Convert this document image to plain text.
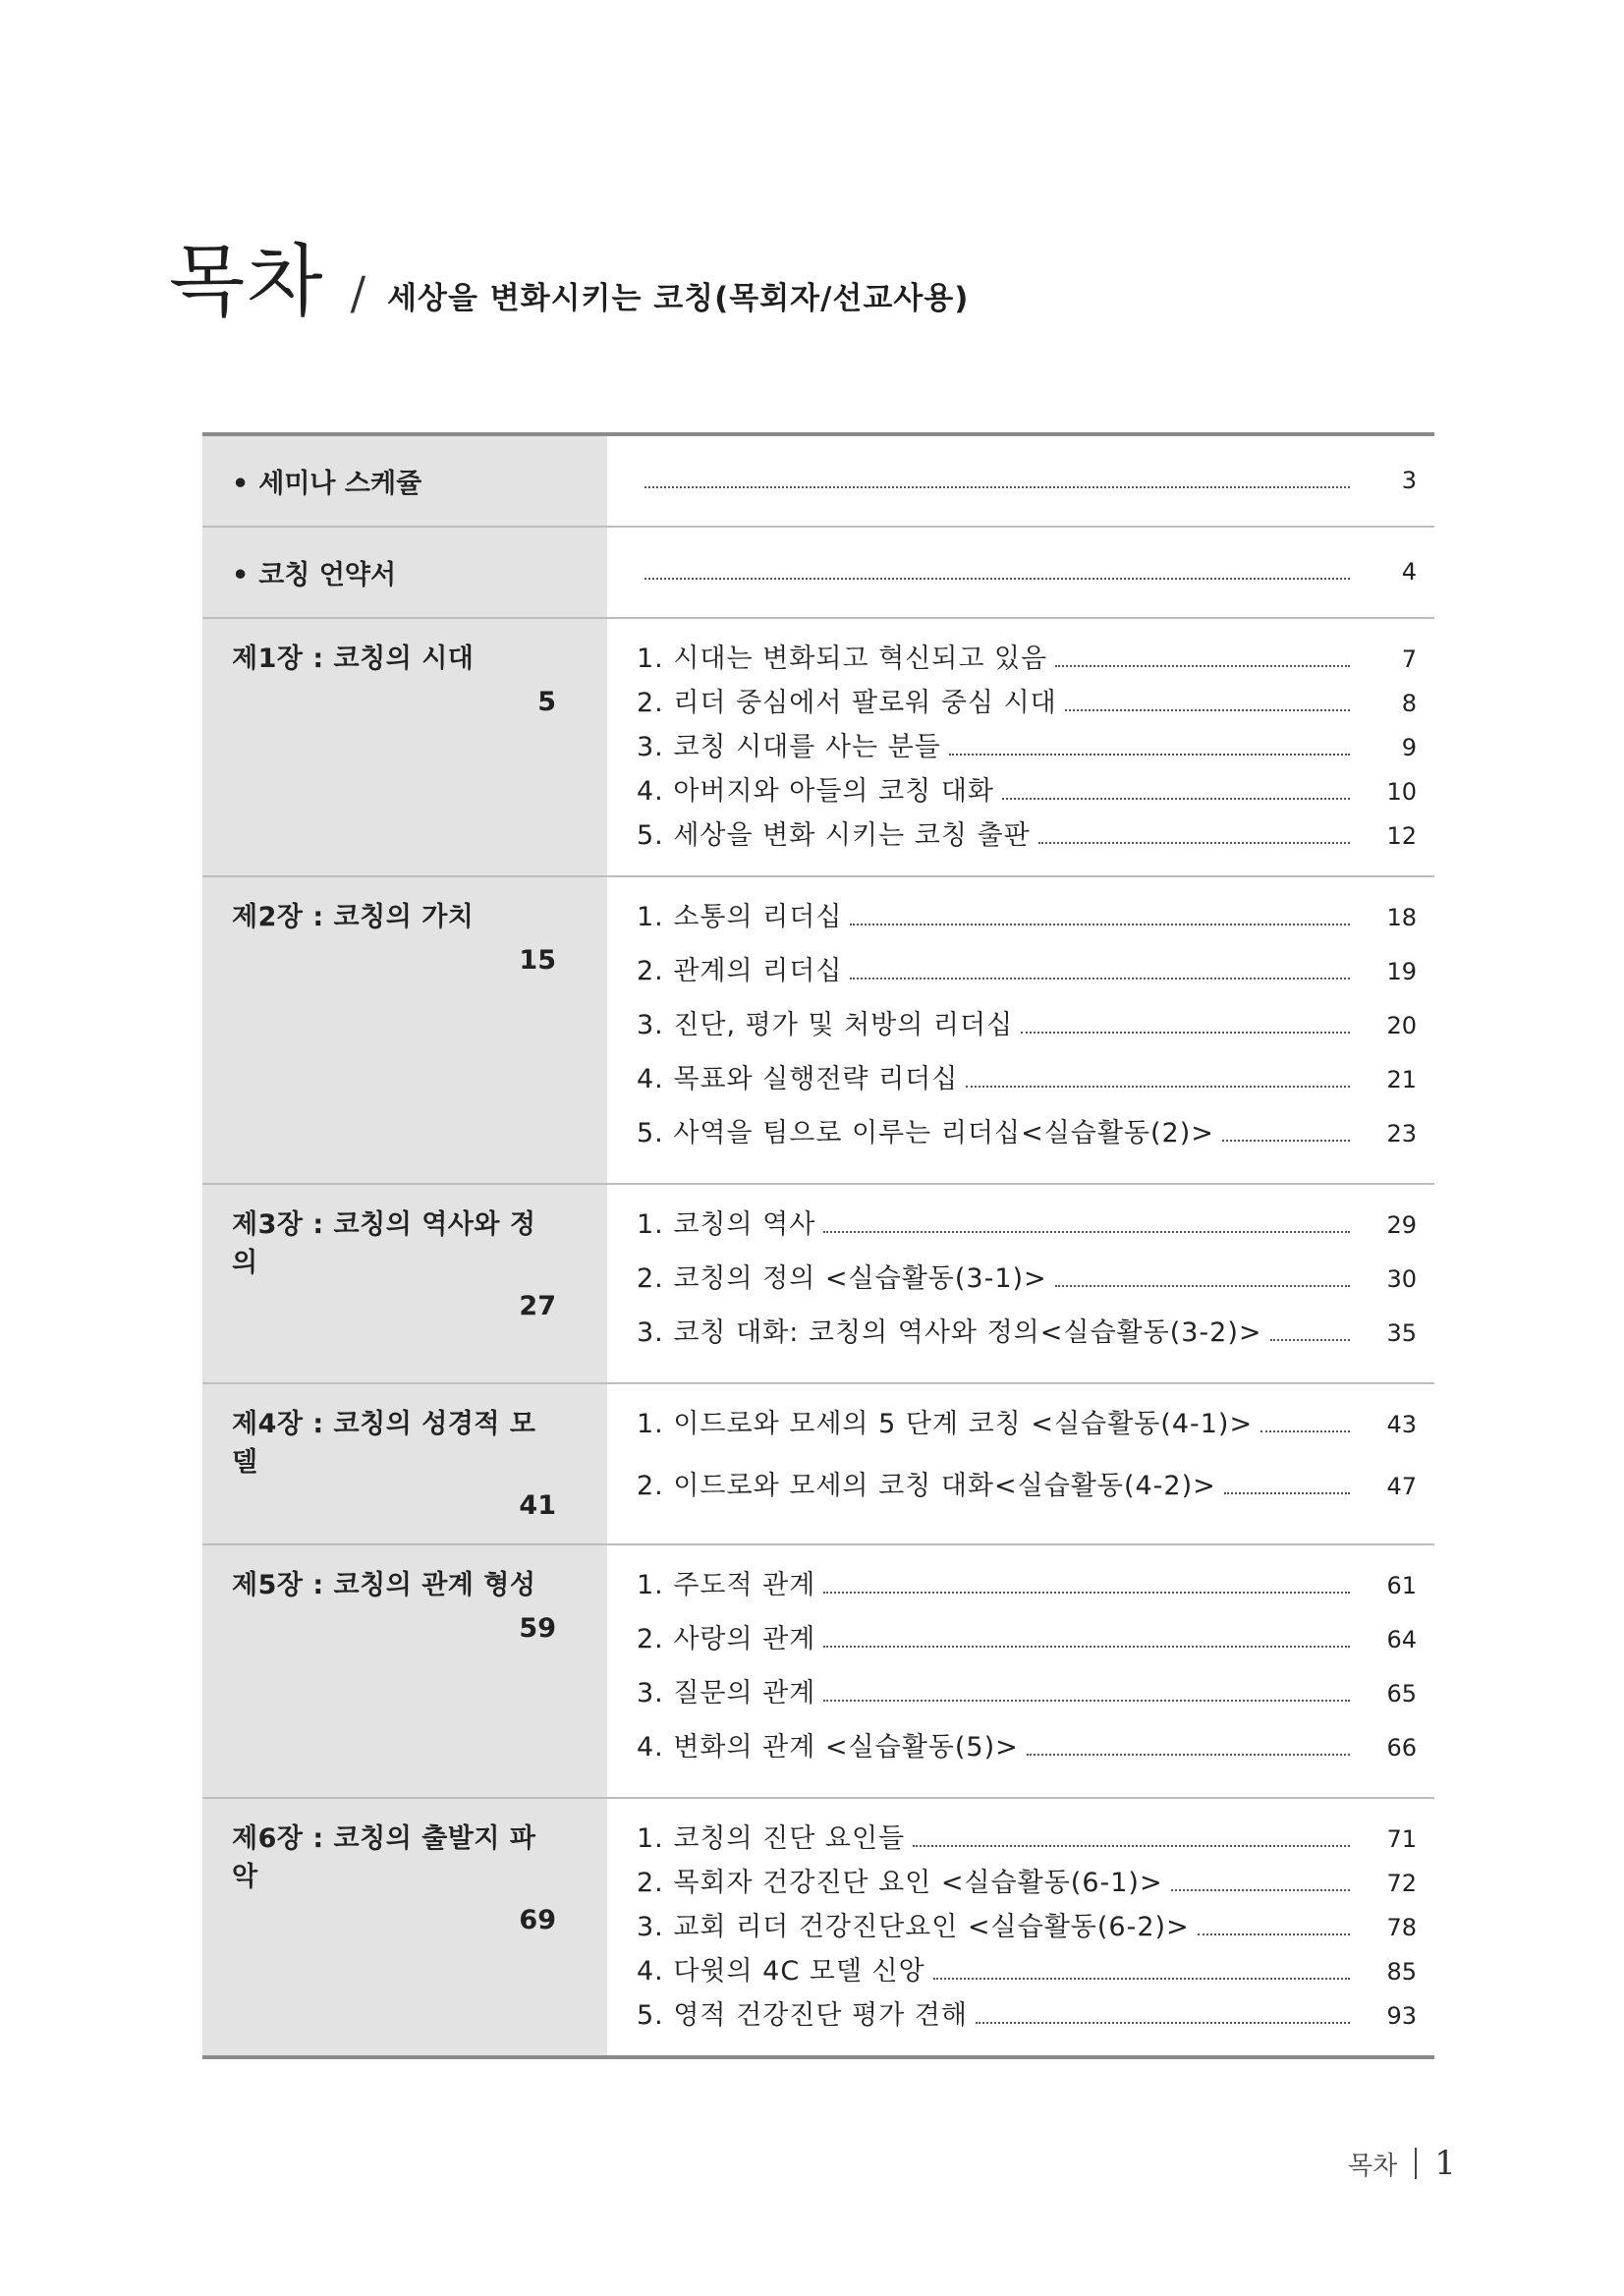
목차 / 세상을 변화시키는 코칭(목회자/선교사용)
• 세미나 스케쥴	3
• 코칭 언약서	4
제1장 : 코칭의 시대
5
1. 시대는 변화되고 혁신되고 있음	7
2. 리더 중심에서 팔로워 중심 시대	8
3. 코칭 시대를 사는 분들	9
4. 아버지와 아들의 코칭 대화	10
5. 세상을 변화 시키는 코칭 출판	12
제2장 : 코칭의 가치
15
1. 소통의 리더십	18
2. 관계의 리더십	19
3. 진단, 평가 및 처방의 리더십	20
4. 목표와 실행전략 리더십	21
5. 사역을 팀으로 이루는 리더십<실습활동(2)>	23
제3장 : 코칭의 역사와 정의
27
1. 코칭의 역사	29
2. 코칭의 정의 <실습활동(3-1)>	30
3. 코칭 대화: 코칭의 역사와 정의<실습활동(3-2)>	35
제4장 : 코칭의 성경적 모델
41
1. 이드로와 모세의 5 단계 코칭 <실습활동(4-1)>	43
2. 이드로와 모세의 코칭 대화<실습활동(4-2)>	47
제5장 : 코칭의 관계 형성
59
1. 주도적 관계	61
2. 사랑의 관계	64
3. 질문의 관계	65
4. 변화의 관계 <실습활동(5)>	66
제6장 : 코칭의 출발지 파악
69
1. 코칭의 진단 요인들	71
2. 목회자 건강진단 요인 <실습활동(6-1)>	72
3. 교회 리더 건강진단요인 <실습활동(6-2)>	78
4. 다윗의 4C 모델 신앙	85
5. 영적 건강진단 평가 견해	93
목차 1
